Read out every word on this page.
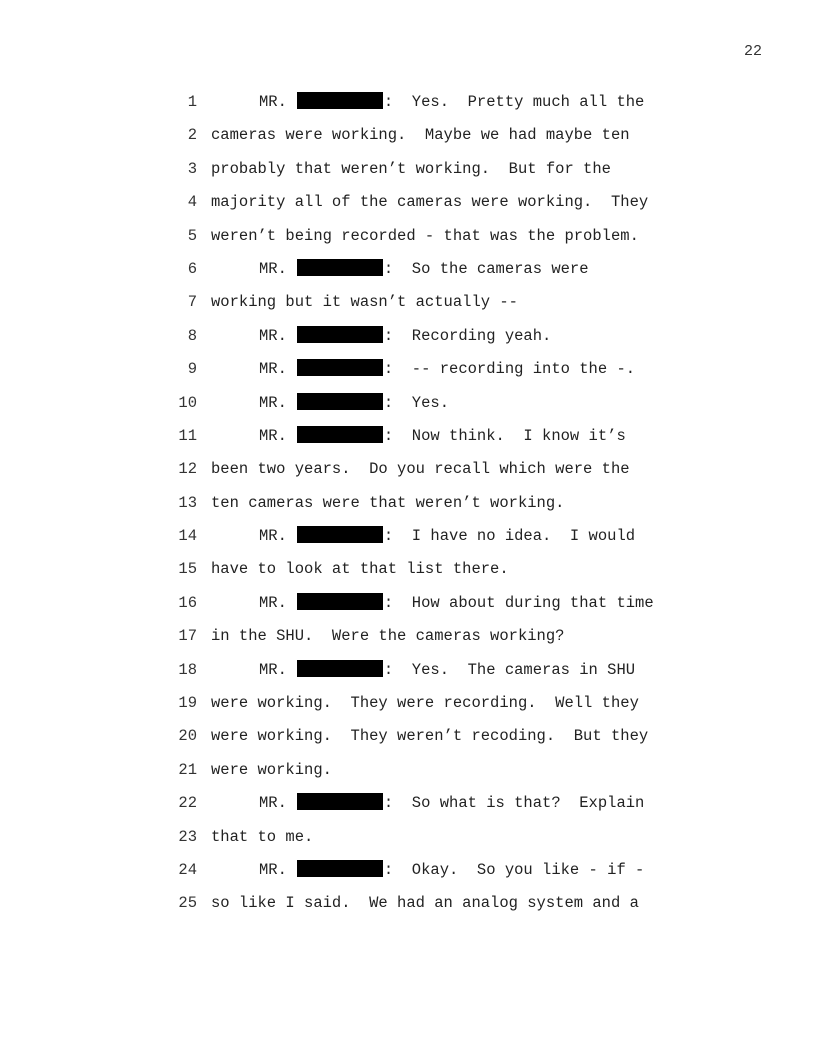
22
1	MR.	:  Yes.  Pretty much all the
2 cameras were working.  Maybe we had maybe ten
3 probably that weren’t working.  But for the
4 majority all of the cameras were working.  They
5 weren’t being recorded - that was the problem.
6	MR.	:  So the cameras were
7 working but it wasn’t actually --
8	MR.	:  Recording yeah.
9	MR.	:  -- recording into the -.
10	MR.	:  Yes.
11	MR.	:  Now think.  I know it’s
12 been two years.  Do you recall which were the
13 ten cameras were that weren’t working.
14	MR.	:  I have no idea.  I would
15 have to look at that list there.
16	MR.	:  How about during that time
17 in the SHU.  Were the cameras working?
18	MR.	:  Yes.  The cameras in SHU
19 were working.  They were recording.  Well they
20 were working.  They weren’t recoding.  But they
21 were working.
22	MR.	:  So what is that?  Explain
23 that to me.
24	MR.	:  Okay.  So you like - if -
25 so like I said.  We had an analog system and a
